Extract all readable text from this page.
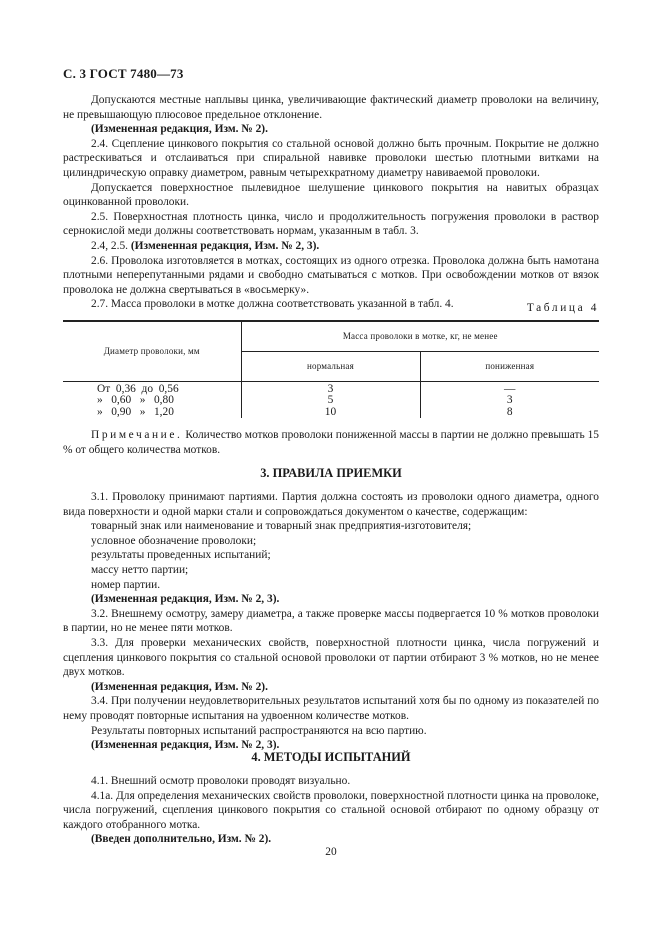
С. 3 ГОСТ 7480—73

Допускаются местные наплывы цинка, увеличивающие фактический диаметр проволоки на величину, не превышающую плюсовое предельное отклонение.

(Измененная редакция, Изм. № 2).

2.4. Сцепление цинкового покрытия со стальной основой должно быть прочным. Покрытие не должно растрескиваться и отслаиваться при спиральной навивке проволоки шестью плотными витками на цилиндрическую оправку диаметром, равным четырехкратному диаметру навиваемой проволоки.

Допускается поверхностное пылевидное шелушение цинкового покрытия на навитых образцах оцинкованной проволоки.

2.5. Поверхностная плотность цинка, число и продолжительность погружения проволоки в раствор сернокислой меди должны соответствовать нормам, указанным в табл. 3.

2.4, 2.5. (Измененная редакция, Изм. № 2, 3).

2.6. Проволока изготовляется в мотках, состоящих из одного отрезка. Проволока должна быть намотана плотными неперепутанными рядами и свободно сматываться с мотков. При освобождении мотков от вязок проволока не должна свертываться в «восьмерку».

2.7. Масса проволоки в мотке должна соответствовать указанной в табл. 4.	Таблица 4
Диаметр проволоки, мм	Масса проволоки в мотке, кг, не менее	
	нормальная	пониженная

От  0,36  до  0,56	3	—
»   0,60   »   0,80	5	3
»   0,90   »   1,20	10	8

Примечание. Количество мотков проволоки пониженной массы в партии не должно превышать 15 % от общего количества мотков.

3. ПРАВИЛА ПРИЕМКИ

3.1. Проволоку принимают партиями. Партия должна состоять из проволоки одного диаметра, одного вида поверхности и одной марки стали и сопровождаться документом о качестве, содержащим:

товарный знак или наименование и товарный знак предприятия-изготовителя;

условное обозначение проволоки;

результаты проведенных испытаний;

массу нетто партии;

номер партии.

(Измененная редакция, Изм. № 2, 3).

3.2. Внешнему осмотру, замеру диаметра, а также проверке массы подвергается 10 % мотков проволоки в партии, но не менее пяти мотков.

3.3. Для проверки механических свойств, поверхностной плотности цинка, числа погружений и сцепления цинкового покрытия со стальной основой проволоки от партии отбирают 3 % мотков, но не менее двух мотков.

(Измененная редакция, Изм. № 2).

3.4. При получении неудовлетворительных результатов испытаний хотя бы по одному из показателей по нему проводят повторные испытания на удвоенном количестве мотков.

Результаты повторных испытаний распространяются на всю партию.

(Измененная редакция, Изм. № 2, 3).

4. МЕТОДЫ ИСПЫТАНИЙ

4.1. Внешний осмотр проволоки проводят визуально.

4.1а. Для определения механических свойств проволоки, поверхностной плотности цинка на проволоке, числа погружений, сцепления цинкового покрытия со стальной основой отбирают по одному образцу от каждого отобранного мотка.

(Введен дополнительно, Изм. № 2).

20
